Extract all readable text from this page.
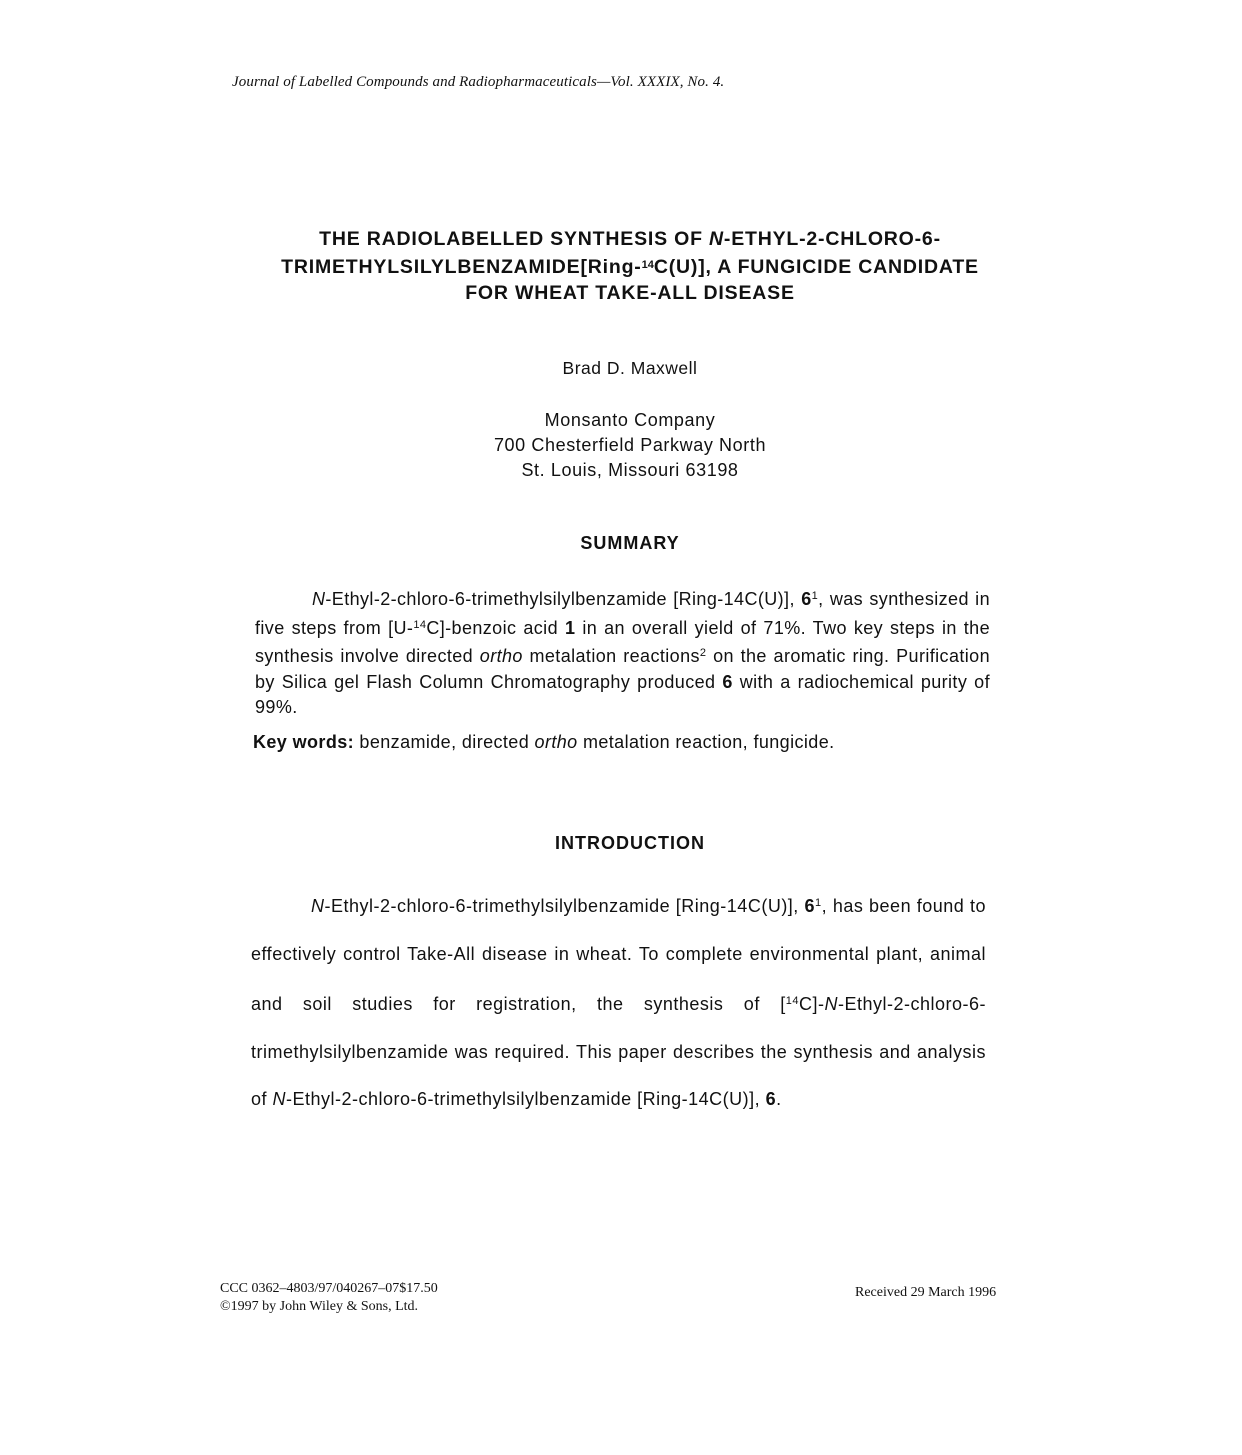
Journal of Labelled Compounds and Radiopharmaceuticals—Vol. XXXIX, No. 4.
THE RADIOLABELLED SYNTHESIS OF N-ETHYL-2-CHLORO-6-
TRIMETHYLSILYLBENZAMIDE[Ring-$^{14}$C(U)], A FUNGICIDE CANDIDATE
FOR WHEAT TAKE-ALL DISEASE
Brad D. Maxwell
Monsanto Company
700 Chesterfield Parkway North
St. Louis, Missouri 63198
SUMMARY
N-Ethyl-2-chloro-6-trimethylsilylbenzamide [Ring-14C(U)], $6^1$, was synthesized in five steps from [U-$^{14}$C]-benzoic acid 1 in an overall yield of 71%. Two key steps in the synthesis involve directed ortho metalation reactions$^2$ on the aromatic ring. Purification by Silica gel Flash Column Chromatography produced 6 with a radiochemical purity of 99%.
Key words: benzamide, directed ortho metalation reaction, fungicide.
INTRODUCTION
N-Ethyl-2-chloro-6-trimethylsilylbenzamide [Ring-14C(U)], $6^1$, has been found to effectively control Take-All disease in wheat. To complete environmental plant, animal and soil studies for registration, the synthesis of [$^{14}$C]-N-Ethyl-2-chloro-6-trimethylsilylbenzamide was required. This paper describes the synthesis and analysis of N-Ethyl-2-chloro-6-trimethylsilylbenzamide [Ring-14C(U)], 6.
CCC 0362–4803/97/040267–07$17.50
©1997 by John Wiley & Sons, Ltd.
Received 29 March 1996
